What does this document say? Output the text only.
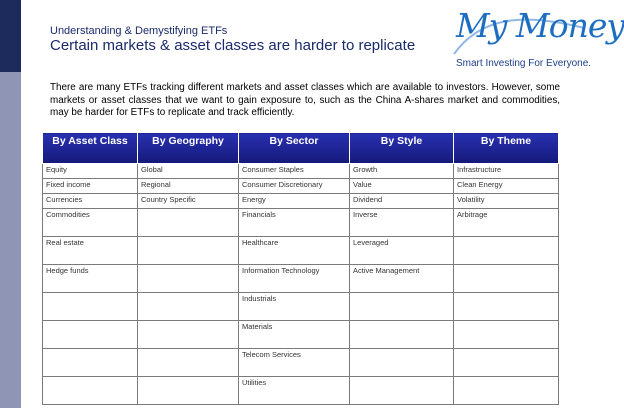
Understanding & Demystifying ETFs
Certain markets & asset classes are harder to replicate
My Money
Smart Investing For Everyone.
There are many ETFs tracking different markets and asset classes which are available to investors. However, some markets or asset classes that we want to gain exposure to, such as the China A-shares market and commodities, may be harder for ETFs to replicate and track efficiently.
By Asset Class	By Geography	By Sector	By Style	By Theme

Equity	Global	Consumer Staples	Growth	Infrastructure
Fixed income	Regional	Consumer Discretionary	Value	Clean Energy
Currencies	Country Specific	Energy	Dividend	Volatility
Commodities		Financials	Inverse	Arbitrage
Real estate		Healthcare	Leveraged	
Hedge funds		Information Technology	Active Management	
		Industrials		
		Materials		
		Telecom Services		
		Utilities		
